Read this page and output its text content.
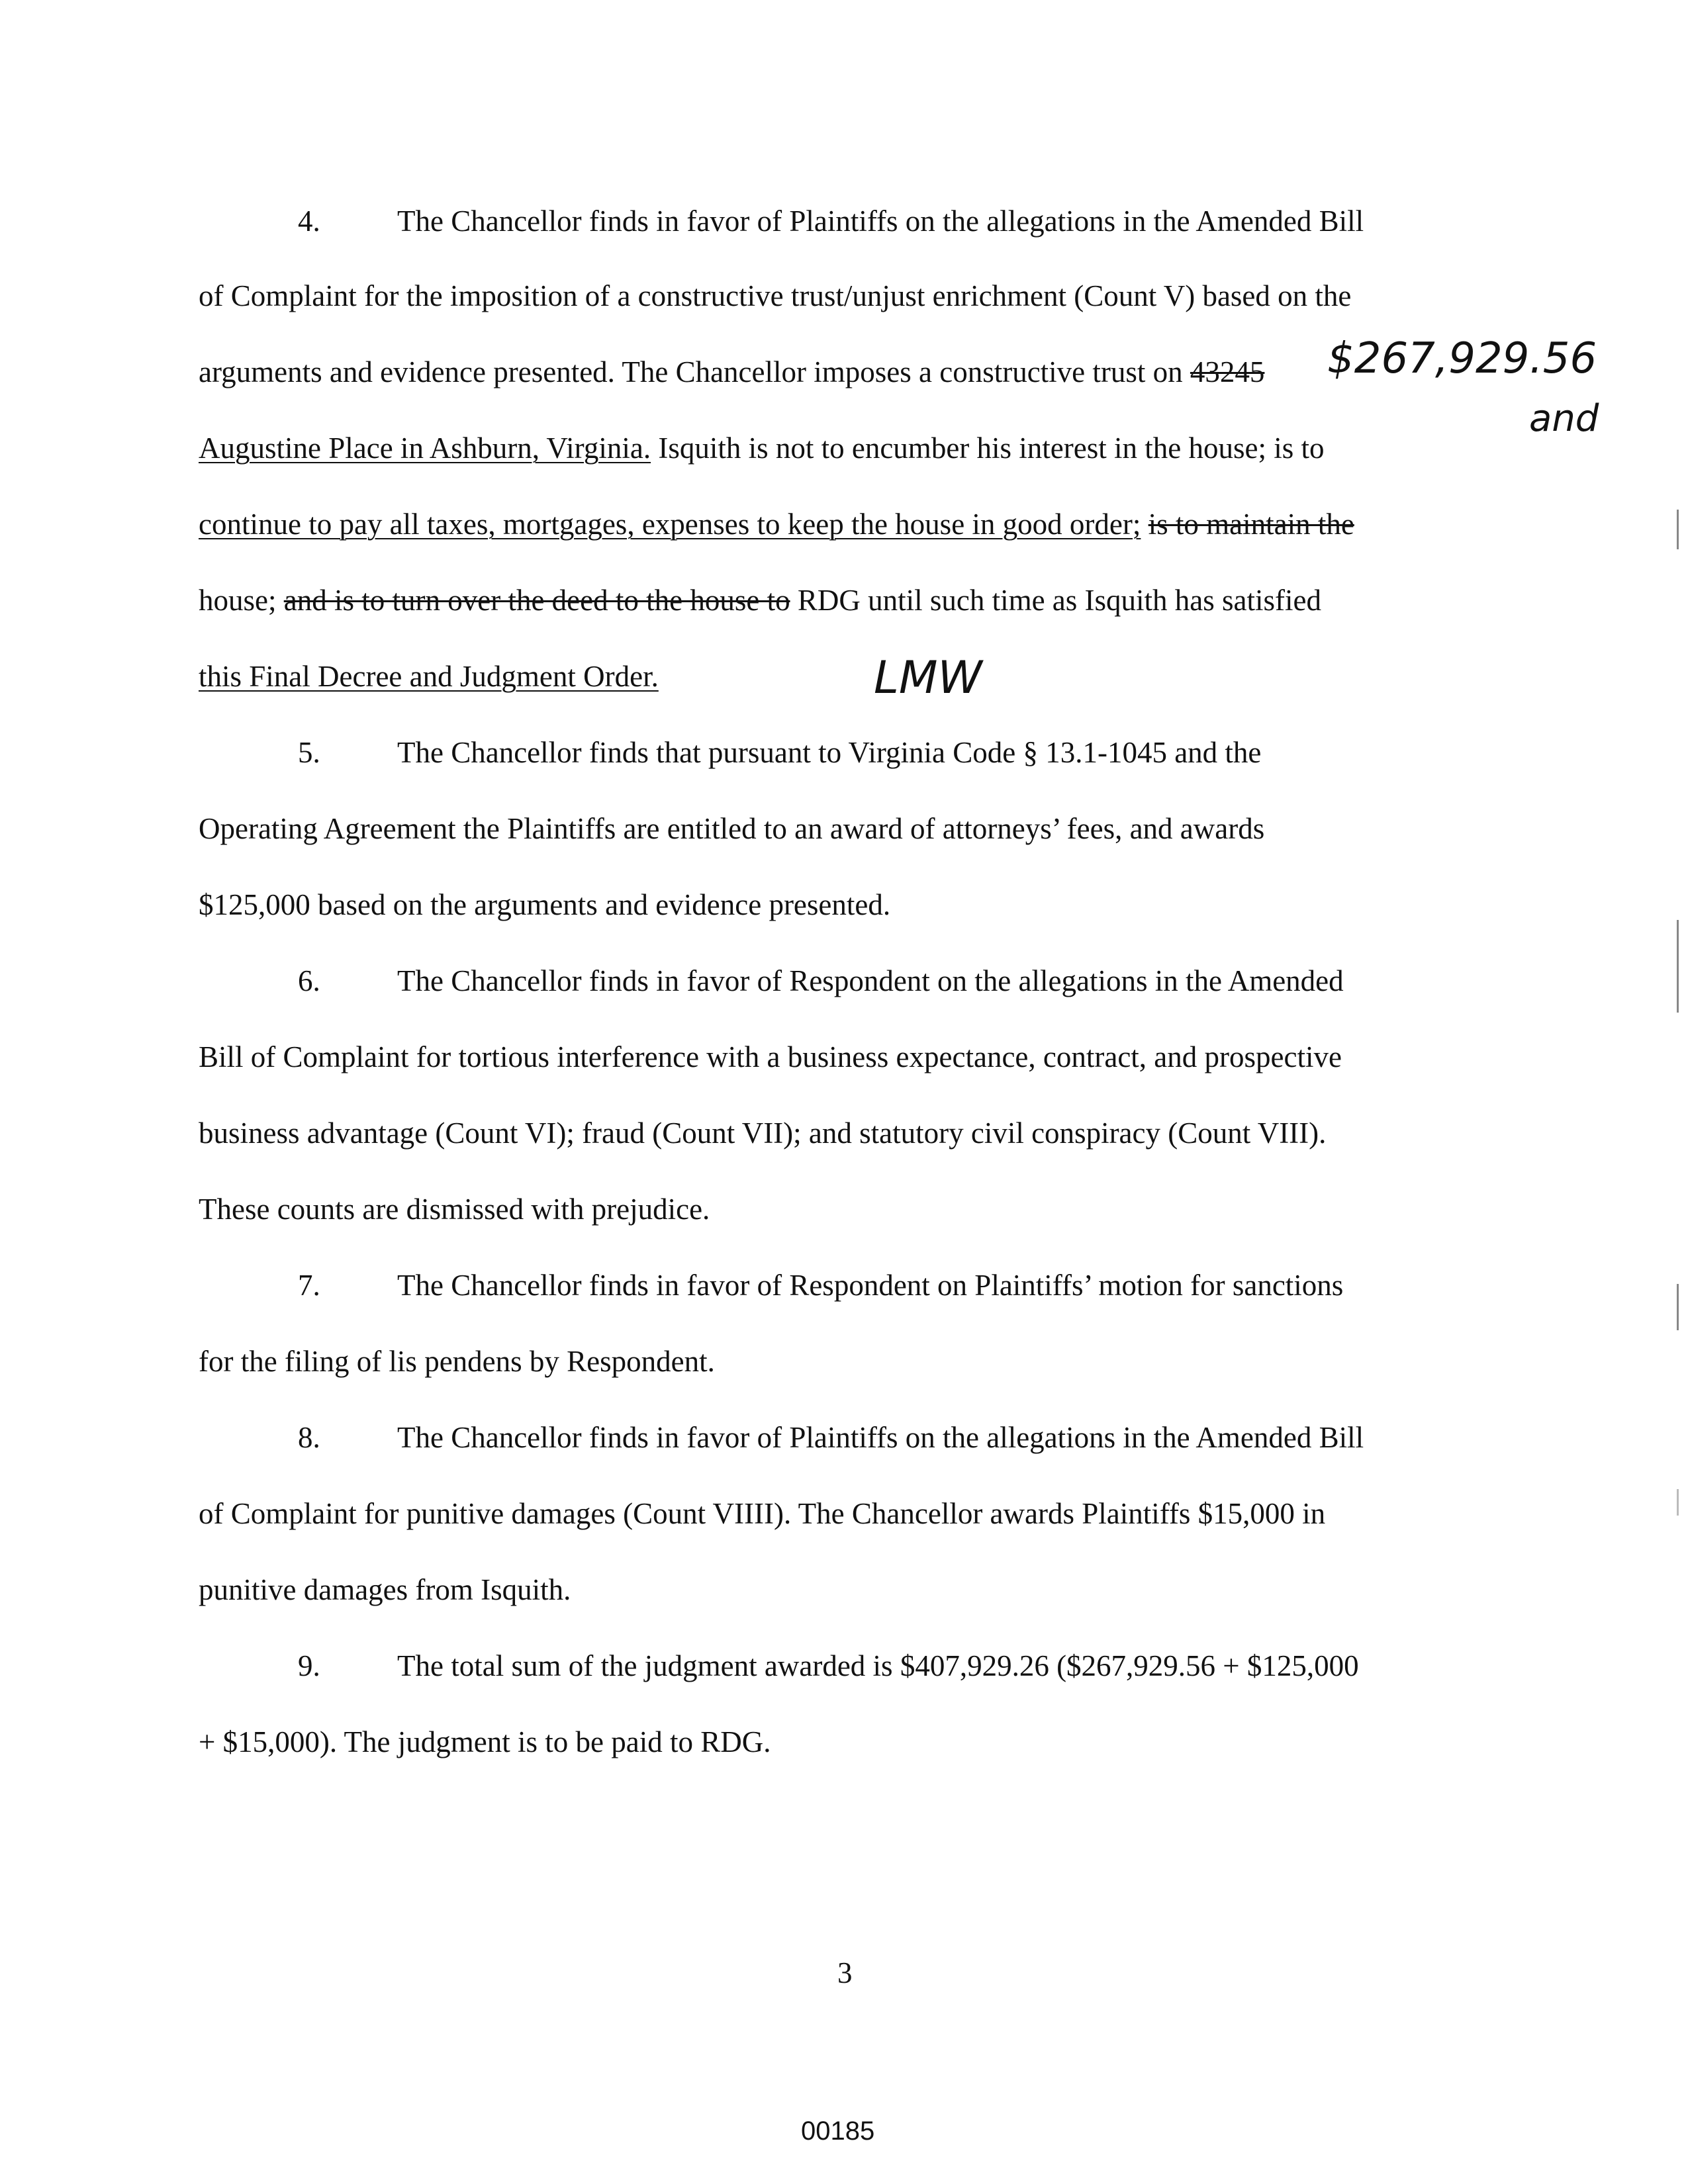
4.	The Chancellor finds in favor of Plaintiffs on the allegations in the Amended Bill
of Complaint for the imposition of a constructive trust/unjust enrichment (Count V) based on the
arguments and evidence presented. The Chancellor imposes a constructive trust on 43245
Augustine Place in Ashburn, Virginia. Isquith is not to encumber his interest in the house; is to
continue to pay all taxes, mortgages, expenses to keep the house in good order; is to maintain the
house; and is to turn over the deed to the house to RDG until such time as Isquith has satisfied
this Final Decree and Judgment Order.
$267,929.56
and
LMW
5.	The Chancellor finds that pursuant to Virginia Code § 13.1-1045 and the
Operating Agreement the Plaintiffs are entitled to an award of attorneys’ fees, and awards
$125,000 based on the arguments and evidence presented.
6.	The Chancellor finds in favor of Respondent on the allegations in the Amended
Bill of Complaint for tortious interference with a business expectance, contract, and prospective
business advantage (Count VI); fraud (Count VII); and statutory civil conspiracy (Count VIII).
These counts are dismissed with prejudice.
7.	The Chancellor finds in favor of Respondent on Plaintiffs’ motion for sanctions
for the filing of lis pendens by Respondent.
8.	The Chancellor finds in favor of Plaintiffs on the allegations in the Amended Bill
of Complaint for punitive damages (Count VIIII). The Chancellor awards Plaintiffs $15,000 in
punitive damages from Isquith.
9.	The total sum of the judgment awarded is $407,929.26 ($267,929.56 + $125,000
+ $15,000). The judgment is to be paid to RDG.
3
00185
